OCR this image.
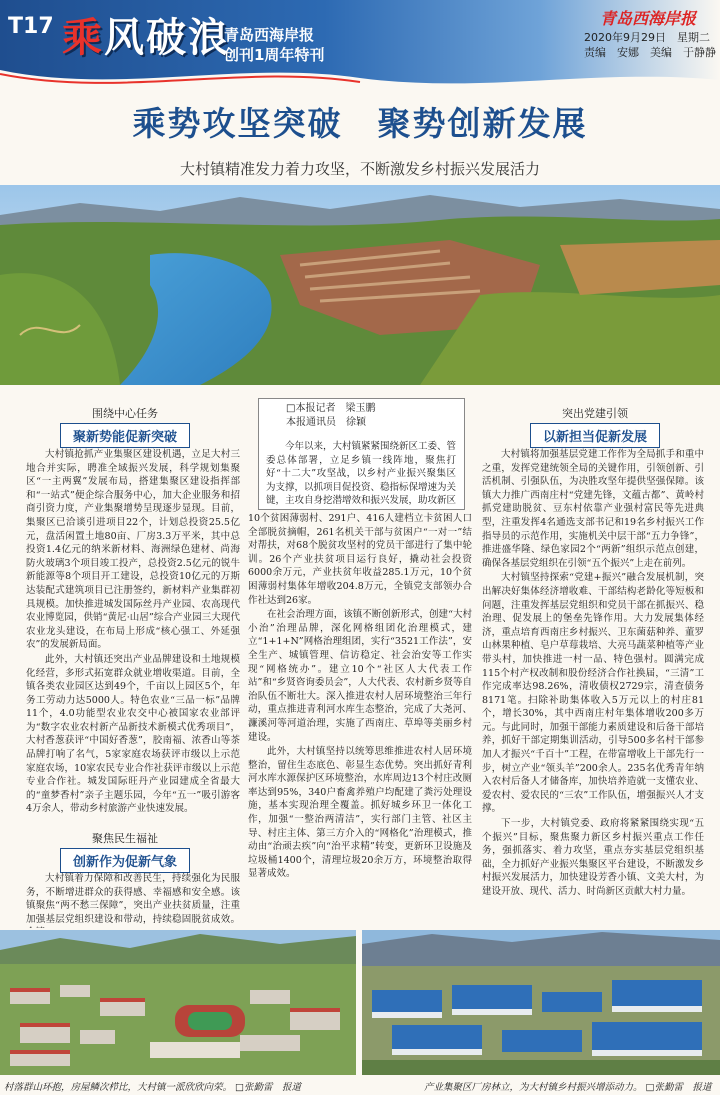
T17 乘风破浪
青岛西海岸报
创刊1周年特刊
青岛西海岸报
2020年9月29日　 星期二
责编　安娜　美编　于静静
乘势攻坚突破　聚势创新发展
大村镇精准发力着力攻坚，不断激发乡村振兴发展活力
围绕中心任务
聚新势能促新突破

大村镇抢抓产业集聚区建设机遇，立足大村三地合并实际，聘准全域振兴发展，科学规划集聚区“一主两翼”发展布局，搭建集聚区建设指挥部和“一站式”便企综合服务中心，加大企业服务和招商引资力度，产业集聚增势呈现逐步显现。目前，集聚区已洽谈引进项目22个，计划总投资25.5亿元，盘活闲置土地80亩、厂房3.3万平米，其中总投资1.4亿元的纳米新材料、海洲绿色建材、尚海防火玻璃3个项目竣工投产，总投资2.5亿元的锐牛新能源等8个项目开工建设，总投资10亿元的万斯达装配式建筑项目已注册签约，新材料产业集群初具规模。加快推进城发国际丝丹产业园、农高现代农业博览园，供销“黄尼·山居”综合产业园三大现代农业龙头建设，在布局上形成“核心强工、外延强农”的发展新局面。

此外，大村镇还突出产业品牌建设和土地规模化经营，多形式拓宽群众就业增收渠道。目前，全镇各类农业园区达到49个，千亩以上园区5个，年务工劳动力达5000人。特色农业“三品一标”品牌11个，4.0功能型农业农交中心被国家农业部评为“数字农业农村新产品新技术新模式优秀项目”，大村香葱获评“中国好香葱”，胶南福、浓香山等茶品牌打响了名气，5家家庭农场获评市级以上示范家庭农场，10家农民专业合作社获评市级以上示范专业合作社。城发国际旺丹产业园建成全省最大的“童梦香村”亲子主题乐园，今年“五一”吸引游客4万余人，带动乡村旅游产业快速发展。

聚焦民生福祉
创新作为促新气象

大村镇着力保障和改善民生，持续强化为民服务，不断增进群众的获得感、幸福感和安全感。该镇聚焦“两不愁三保障”，突出产业扶贫质量，注重加强基层党组织建设和带动，持续稳固脱贫成效。

□本报记者　梁玉鹏
本报通讯员　徐颖
今年以来，大村镇紧紧围绕新区工委、管委总体部署，立足乡镇一线阵地，聚焦打好“十二大”攻坚战，以乡村产业振兴聚集区为支撑，以抓项目促投资、稳指标保增速为关键，主攻自身挖潜增效和振兴发展，助攻新区

10个贫困薄弱村、291户、416人建档立卡贫困人口全部脱贫摘帽，261名机关干部与贫困户“一对一”结对帮扶，对68个脱贫攻坚村的党员干部进行了集中轮训。26个产业扶贫项目运行良好，撬动社会投资6000余万元，产业扶贫年收益285.1万元，10个贫困薄弱村集体年增收204.8万元，全镇党支部领办合作社达到26家。

在社会治理方面，该镇不断创新形式，创建“大村小治”治理品牌，深化网格组团化治理模式，建立“1+1+N”网格治理组团，实行“3521工作法”，安全生产、城镇管理、信访稳定、社会治安等工作实现“网格统办”。建立10个“社区人大代表工作站”和“乡贤咨询委员会”，人大代表、农村新乡贤等自治队伍不断壮大。深入推进农村人居环境整治三年行动，重点推进青利河水库生态整治，完成了大尧河、濂溪河等河道治理，实施了西南庄、草埠等美丽乡村建设。

此外，大村镇坚持以统筹思维推进农村人居环境整治，留住生态底色、彰显生态优势。突出抓好青利河水库水源保护区环境整治，水库周边13个村庄改厕率达到95%，340户畜禽养殖户均配建了粪污处理设施，基本实现治理全覆盖。抓好城乡环卫一体化工作，加强“一整治两清洁”，实行部门主管、社区主导、村庄主体、第三方介入的“网格化”治理模式，推动由“治顽去疾”向“治平求精”转变，更新环卫设施及垃圾桶1400个，清理垃圾20余万方，环境整治取得显著成效。

突出党建引领
以新担当促新发展

大村镇将加强基层党建工作作为全局抓手和重中之重，发挥党建统领全局的关键作用，引领创新、引活机制、引强队伍，为决胜攻坚年提供坚强保障。该镇大力推广西南庄村“党建先锋，文蕴古都”、黄岭村抓党建助脱贫、豆东村依靠产业强村富民等先进典型，注重发挥4名通选支部书记和19名乡村振兴工作指导员的示范作用，实施机关中层干部“五力争锋”，推进盛华隆、绿色家园2个“两新”组织示范点创建，确保各基层党组织在引领“五个振兴”上走在前列。

大村镇坚持探索“党建+振兴”融合发展机制，突出解决好集体经济增收难、干部结构老龄化等短板和问题，注重发挥基层党组织和党员干部在抓振兴、稳治理、促发展上的堡垒先锋作用。大力发展集体经济，重点培育西南庄乡村振兴、卫东菌菇种养、董罗山林果种植、皂户草莓栽培、大亮马蔬菜种植等产业带头村，加快推进一村一品、特色强村。圆满完成115个村产权改制和股份经济合作社换届，“三清”工作完成率达98.26%，清收债权2729宗，清查债务8171笔。扫除补助集体收入5万元以上的村庄81个，增长30%，其中西南庄村年集体增收200多万元。与此同时，加强干部能力素质建设和后备干部培养，抓好干部定期集训活动，引导500多名村干部参加人才振兴“千百十”工程，在带富增收上干部先行一步，树立产业“领头羊”200余人。235名优秀青年纳入农村后备人才储备库，加快培养造就一支懂农业、爱农村、爱农民的“三农”工作队伍，增强振兴人才支撑。

下一步，大村镇党委、政府将紧紧围绕实现“五个振兴”目标，聚焦聚力新区乡村振兴重点工作任务，强抓落实、着力攻坚，重点夯实基层党组织基础，全力抓好产业振兴集聚区平台建设，不断激发乡村振兴发展活力，加快建设芳香小镇、文美大村，为建设开放、现代、活力、时尚新区贡献大村力量。

村落群山环抱，房屋鳞次栉比，大村镇一派欣欣向荣。 □张勤雷　报道	产业集聚区厂房林立，为大村镇乡村振兴增添动力。 □张勤雷　报道
